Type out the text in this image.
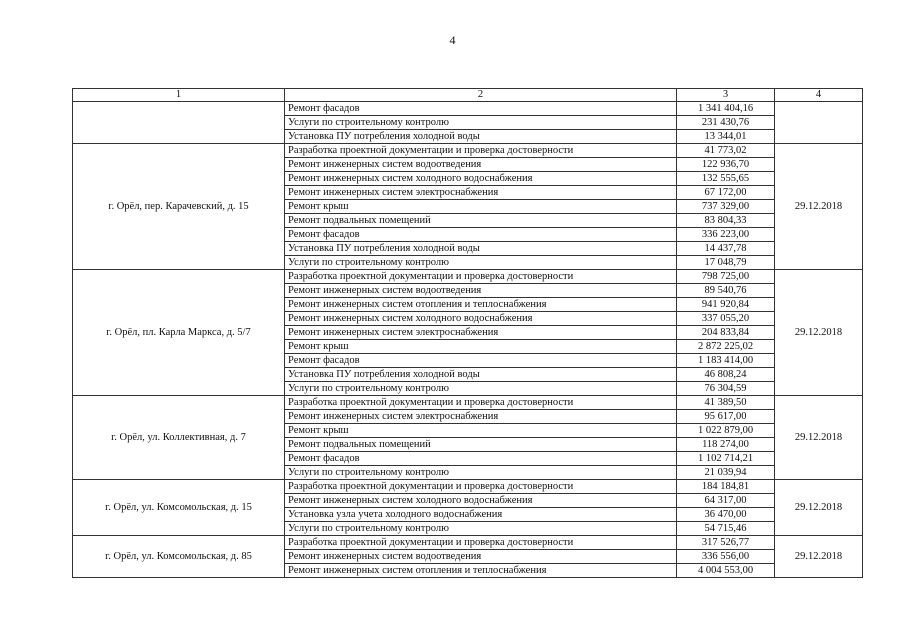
4
1	2	3	4
	Ремонт фасадов	1 341 404,16	
	Услуги по строительному контролю	231 430,76	
	Установка ПУ потребления холодной воды	13 344,01	
г. Орёл, пер. Карачевский, д. 15	Разработка проектной документации и проверка достоверности	41 773,02	29.12.2018
	Ремонт инженерных систем водоотведения	122 936,70	
	Ремонт инженерных систем холодного водоснабжения	132 555,65	
	Ремонт инженерных систем электроснабжения	67 172,00	
	Ремонт крыш	737 329,00	
	Ремонт подвальных помещений	83 804,33	
	Ремонт фасадов	336 223,00	
	Установка ПУ потребления холодной воды	14 437,78	
	Услуги по строительному контролю	17 048,79	
г. Орёл, пл. Карла Маркса, д. 5/7	Разработка проектной документации и проверка достоверности	798 725,00	29.12.2018
	Ремонт инженерных систем водоотведения	89 540,76	
	Ремонт инженерных систем отопления и теплоснабжения	941 920,84	
	Ремонт инженерных систем холодного водоснабжения	337 055,20	
	Ремонт инженерных систем электроснабжения	204 833,84	
	Ремонт крыш	2 872 225,02	
	Ремонт фасадов	1 183 414,00	
	Установка ПУ потребления холодной воды	46 808,24	
	Услуги по строительному контролю	76 304,59	
г. Орёл, ул. Коллективная, д. 7	Разработка проектной документации и проверка достоверности	41 389,50	29.12.2018
	Ремонт инженерных систем электроснабжения	95 617,00	
	Ремонт крыш	1 022 879,00	
	Ремонт подвальных помещений	118 274,00	
	Ремонт фасадов	1 102 714,21	
	Услуги по строительному контролю	21 039,94	
г. Орёл, ул. Комсомольская, д. 15	Разработка проектной документации и проверка достоверности	184 184,81	29.12.2018
	Ремонт инженерных систем холодного водоснабжения	64 317,00	
	Установка узла учета холодного водоснабжения	36 470,00	
	Услуги по строительному контролю	54 715,46	
г. Орёл, ул. Комсомольская, д. 85	Разработка проектной документации и проверка достоверности	317 526,77	29.12.2018
	Ремонт инженерных систем водоотведения	336 556,00	
	Ремонт инженерных систем отопления и теплоснабжения	4 004 553,00	
